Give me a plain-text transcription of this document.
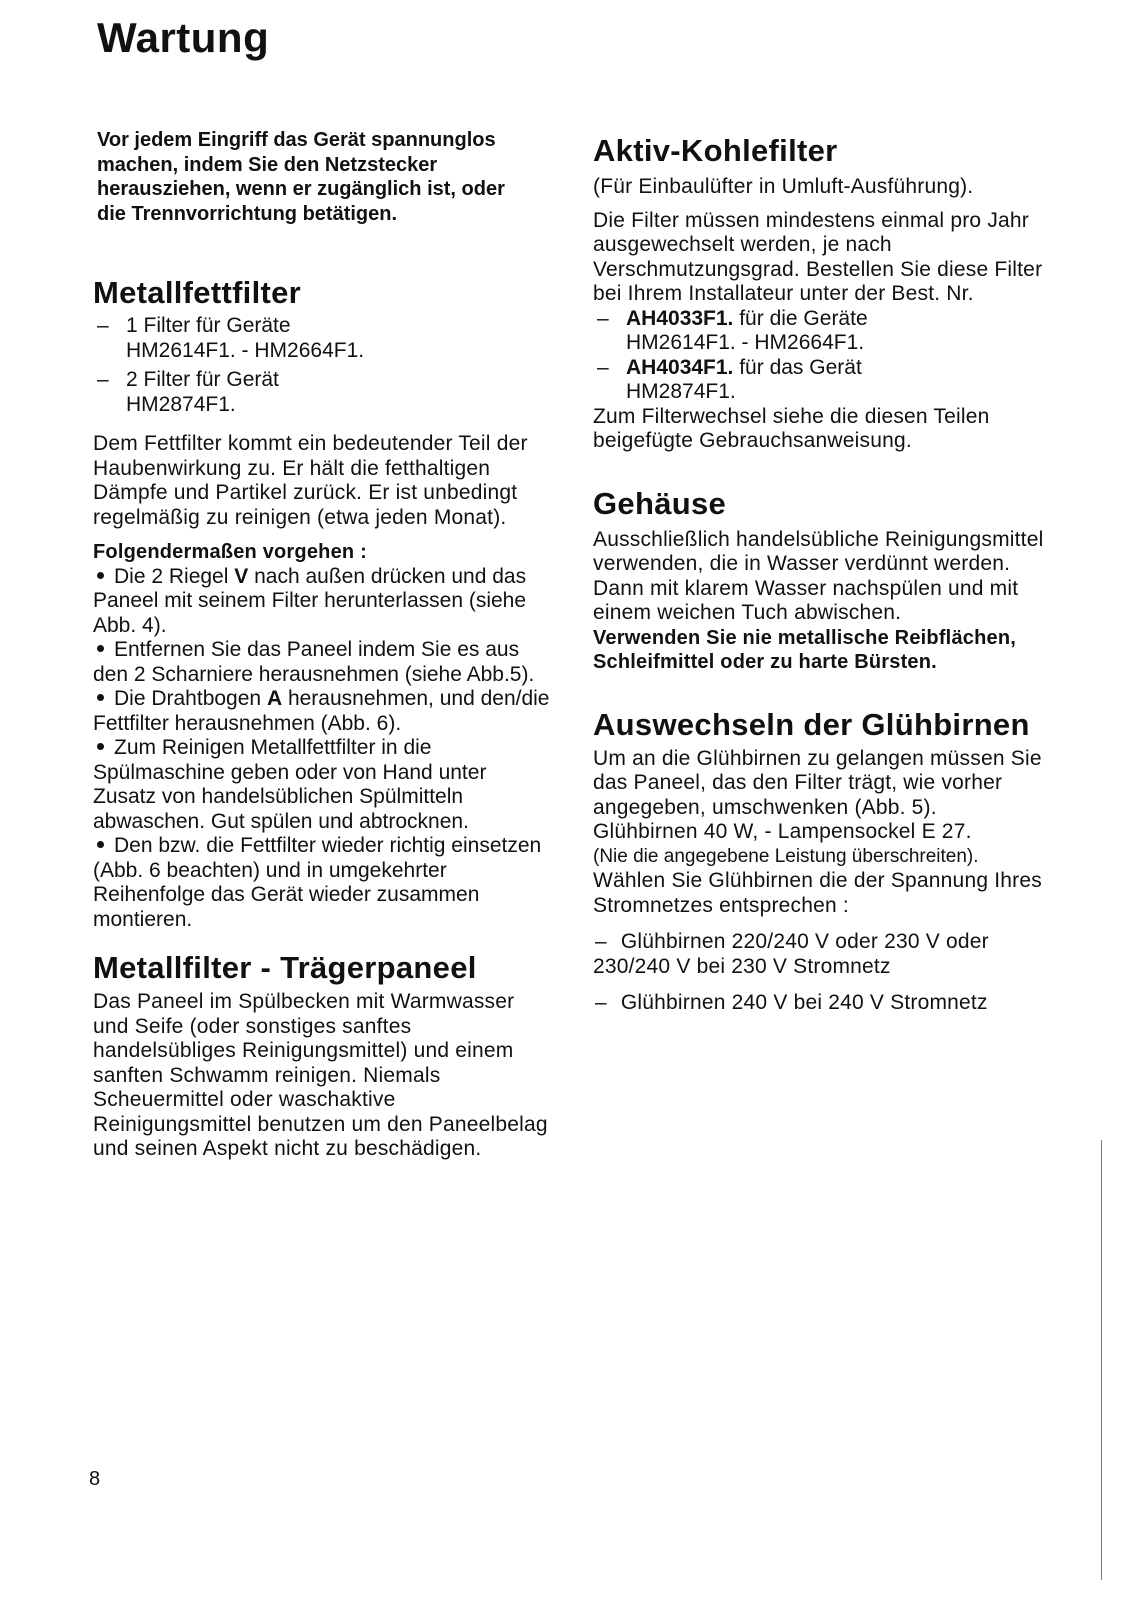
Wartung

Vor jedem Eingriff das Gerät spannunglos machen, indem Sie den Netzstecker herausziehen, wenn er zugänglich ist, oder die Trennvorrichtung betätigen.

Metallfettfilter
– 1 Filter für Geräte
HM2614F1. - HM2664F1.
– 2 Filter für Gerät
HM2874F1.

Dem Fettfilter kommt ein bedeutender Teil der Haubenwirkung zu. Er hält die fetthaltigen Dämpfe und Partikel zurück. Er ist unbedingt regelmäßig zu reinigen (etwa jeden Monat).

Folgendermaßen vorgehen :

Die 2 Riegel V nach außen drücken und das Paneel mit seinem Filter herunterlassen (siehe Abb. 4).

Entfernen Sie das Paneel indem Sie es aus den 2 Scharniere herausnehmen (siehe Abb.5).

Die Drahtbogen A herausnehmen, und den/die Fettfilter herausnehmen (Abb. 6).

Zum Reinigen Metallfettfilter in die Spülmaschine geben oder von Hand unter Zusatz von handelsüblichen Spülmitteln abwaschen. Gut spülen und abtrocknen.

Den bzw. die Fettfilter wieder richtig einsetzen (Abb. 6 beachten) und in umgekehrter Reihenfolge das Gerät wieder zusammen montieren.

Metallfilter - Trägerpaneel

Das Paneel im Spülbecken mit Warmwasser und Seife (oder sonstiges sanftes handelsübliges Reinigungsmittel) und einem sanften Schwamm reinigen. Niemals Scheuermittel oder waschaktive Reinigungsmittel benutzen um den Paneelbelag und seinen Aspekt nicht zu beschädigen.

Aktiv-Kohlefilter

(Für Einbaulüfter in Umluft-Ausführung).

Die Filter müssen mindestens einmal pro Jahr ausgewechselt werden, je nach Verschmutzungsgrad. Bestellen Sie diese Filter bei Ihrem Installateur unter der Best. Nr.

– AH4033F1. für die Geräte
HM2614F1. - HM2664F1.
– AH4034F1. für das Gerät
HM2874F1.

Zum Filterwechsel siehe die diesen Teilen beigefügte Gebrauchsanweisung.

Gehäuse

Ausschließlich handelsübliche Reinigungsmittel verwenden, die in Wasser verdünnt werden. Dann mit klarem Wasser nachspülen und mit einem weichen Tuch abwischen.

Verwenden Sie nie metallische Reibflächen, Schleifmittel oder zu harte Bürsten.

Auswechseln der Glühbirnen

Um an die Glühbirnen zu gelangen müssen Sie das Paneel, das den Filter trägt, wie vorher angegeben, umschwenken (Abb. 5).

Glühbirnen 40 W, - Lampensockel E 27.

(Nie die angegebene Leistung überschreiten).

Wählen Sie Glühbirnen die der Spannung Ihres Stromnetzes entsprechen :

– Glühbirnen 220/240 V oder 230 V oder 230/240 V bei 230 V Stromnetz

– Glühbirnen 240 V bei 240 V Stromnetz

8
